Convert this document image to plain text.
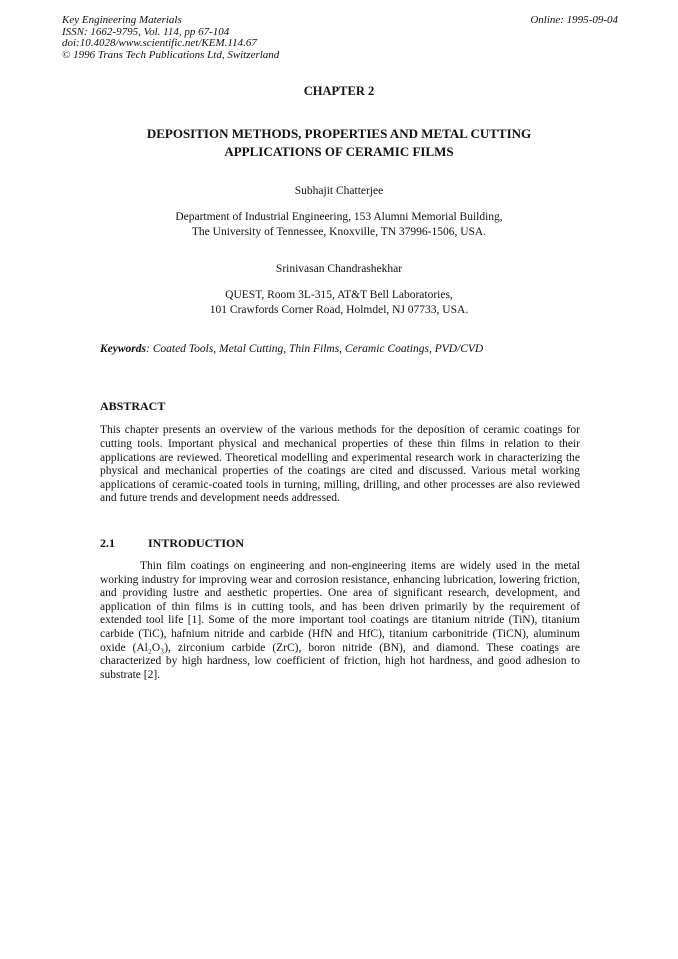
Key Engineering Materials
ISSN: 1662-9795, Vol. 114, pp 67-104
doi:10.4028/www.scientific.net/KEM.114.67
© 1996 Trans Tech Publications Ltd, Switzerland
Online: 1995-09-04
CHAPTER 2
DEPOSITION METHODS, PROPERTIES AND METAL CUTTING APPLICATIONS OF CERAMIC FILMS
Subhajit Chatterjee
Department of Industrial Engineering, 153 Alumni Memorial Building,
The University of Tennessee, Knoxville, TN 37996-1506, USA.
Srinivasan Chandrashekhar
QUEST, Room 3L-315, AT&T Bell Laboratories,
101 Crawfords Corner Road, Holmdel, NJ 07733, USA.
Keywords: Coated Tools, Metal Cutting, Thin Films, Ceramic Coatings, PVD/CVD
ABSTRACT
This chapter presents an overview of the various methods for the deposition of ceramic coatings for cutting tools. Important physical and mechanical properties of these thin films in relation to their applications are reviewed. Theoretical modelling and experimental research work in characterizing the physical and mechanical properties of the coatings are cited and discussed. Various metal working applications of ceramic-coated tools in turning, milling, drilling, and other processes are also reviewed and future trends and development needs addressed.
2.1	INTRODUCTION
Thin film coatings on engineering and non-engineering items are widely used in the metal working industry for improving wear and corrosion resistance, enhancing lubrication, lowering friction, and providing lustre and aesthetic properties. One area of significant research, development, and application of thin films is in cutting tools, and has been driven primarily by the requirement of extended tool life [1]. Some of the more important tool coatings are titanium nitride (TiN), titanium carbide (TiC), hafnium nitride and carbide (HfN and HfC), titanium carbonitride (TiCN), aluminum oxide (Al₂O₃), zirconium carbide (ZrC), boron nitride (BN), and diamond. These coatings are characterized by high hardness, low coefficient of friction, high hot hardness, and good adhesion to substrate [2].
